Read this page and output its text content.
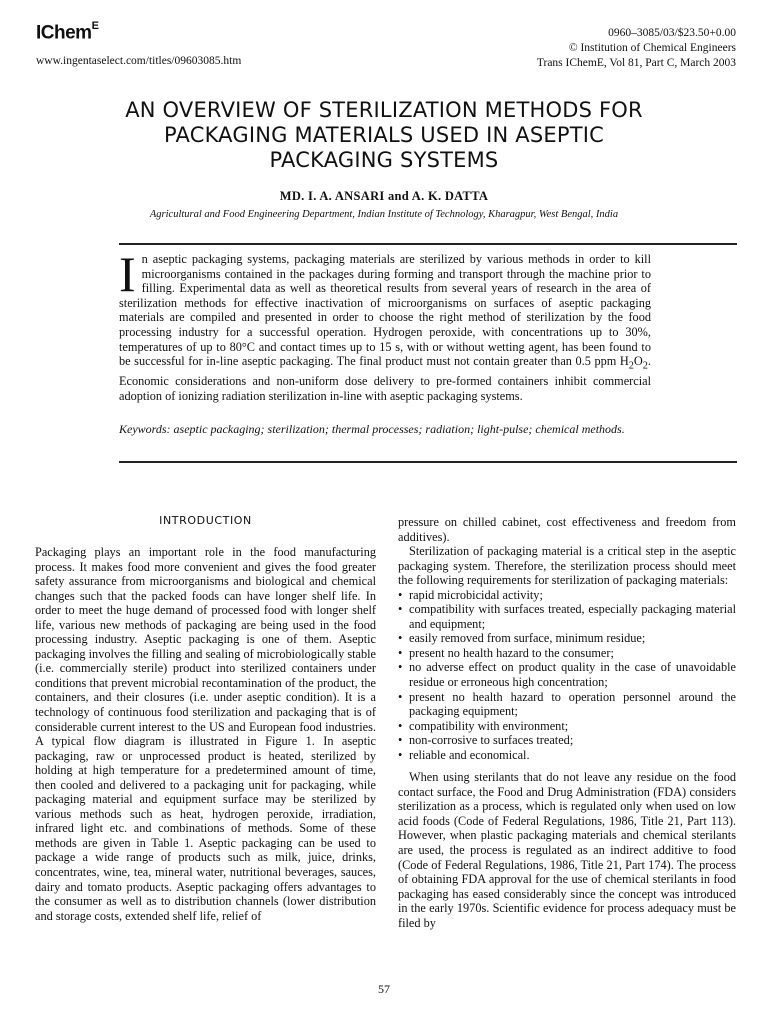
IChem$^E$
www.ingentaselect.com/titles/09603085.htm
0960–3085/03/$23.50+0.00
© Institution of Chemical Engineers
Trans IChemE, Vol 81, Part C, March 2003
AN OVERVIEW OF STERILIZATION METHODS FOR
PACKAGING MATERIALS USED IN ASEPTIC
PACKAGING SYSTEMS
MD. I. A. ANSARI and A. K. DATTA
Agricultural and Food Engineering Department, Indian Institute of Technology, Kharagpur, West Bengal, India
In aseptic packaging systems, packaging materials are sterilized by various methods in order to kill microorganisms contained in the packages during forming and transport through the machine prior to filling. Experimental data as well as theoretical results from several years of research in the area of sterilization methods for effective inactivation of microorganisms on surfaces of aseptic packaging materials are compiled and presented in order to choose the right method of sterilization by the food processing industry for a successful operation. Hydrogen peroxide, with concentrations up to 30%, temperatures of up to 80°C and contact times up to 15 s, with or without wetting agent, has been found to be successful for in-line aseptic packaging. The final product must not contain greater than 0.5 ppm $H_2O_2$. Economic considerations and non-uniform dose delivery to pre-formed containers inhibit commercial adoption of ionizing radiation sterilization in-line with aseptic packaging systems.
Keywords: aseptic packaging; sterilization; thermal processes; radiation; light-pulse; chemical methods.
INTRODUCTION
Packaging plays an important role in the food manufacturing process. It makes food more convenient and gives the food greater safety assurance from microorganisms and biological and chemical changes such that the packed foods can have longer shelf life. In order to meet the huge demand of processed food with longer shelf life, various new methods of packaging are being used in the food processing industry. Aseptic packaging is one of them. Aseptic packaging involves the filling and sealing of microbiologically stable (i.e. commercially sterile) product into sterilized containers under conditions that prevent microbial recontamination of the product, the containers, and their closures (i.e. under aseptic condition). It is a technology of continuous food sterilization and packaging that is of considerable current interest to the US and European food industries. A typical flow diagram is illustrated in Figure 1. In aseptic packaging, raw or unprocessed product is heated, sterilized by holding at high temperature for a predetermined amount of time, then cooled and delivered to a packaging unit for packaging, while packaging material and equipment surface may be sterilized by various methods such as heat, hydrogen peroxide, irradiation, infrared light etc. and combinations of methods. Some of these methods are given in Table 1. Aseptic packaging can be used to package a wide range of products such as milk, juice, drinks, concentrates, wine, tea, mineral water, nutritional beverages, sauces, dairy and tomato products. Aseptic packaging offers advantages to the consumer as well as to distribution channels (lower distribution and storage costs, extended shelf life, relief of

pressure on chilled cabinet, cost effectiveness and freedom from additives).

Sterilization of packaging material is a critical step in the aseptic packaging system. Therefore, the sterilization process should meet the following requirements for sterilization of packaging materials:

• rapid microbicidal activity;
• compatibility with surfaces treated, especially packaging material and equipment;
• easily removed from surface, minimum residue;
• present no health hazard to the consumer;
• no adverse effect on product quality in the case of unavoidable residue or erroneous high concentration;
• present no health hazard to operation personnel around the packaging equipment;
• compatibility with environment;
• non-corrosive to surfaces treated;
• reliable and economical.

When using sterilants that do not leave any residue on the food contact surface, the Food and Drug Administration (FDA) considers sterilization as a process, which is regulated only when used on low acid foods (Code of Federal Regulations, 1986, Title 21, Part 113). However, when plastic packaging materials and chemical sterilants are used, the process is regulated as an indirect additive to food (Code of Federal Regulations, 1986, Title 21, Part 174). The process of obtaining FDA approval for the use of chemical sterilants in food packaging has eased considerably since the concept was introduced in the early 1970s. Scientific evidence for process adequacy must be filed by

57
